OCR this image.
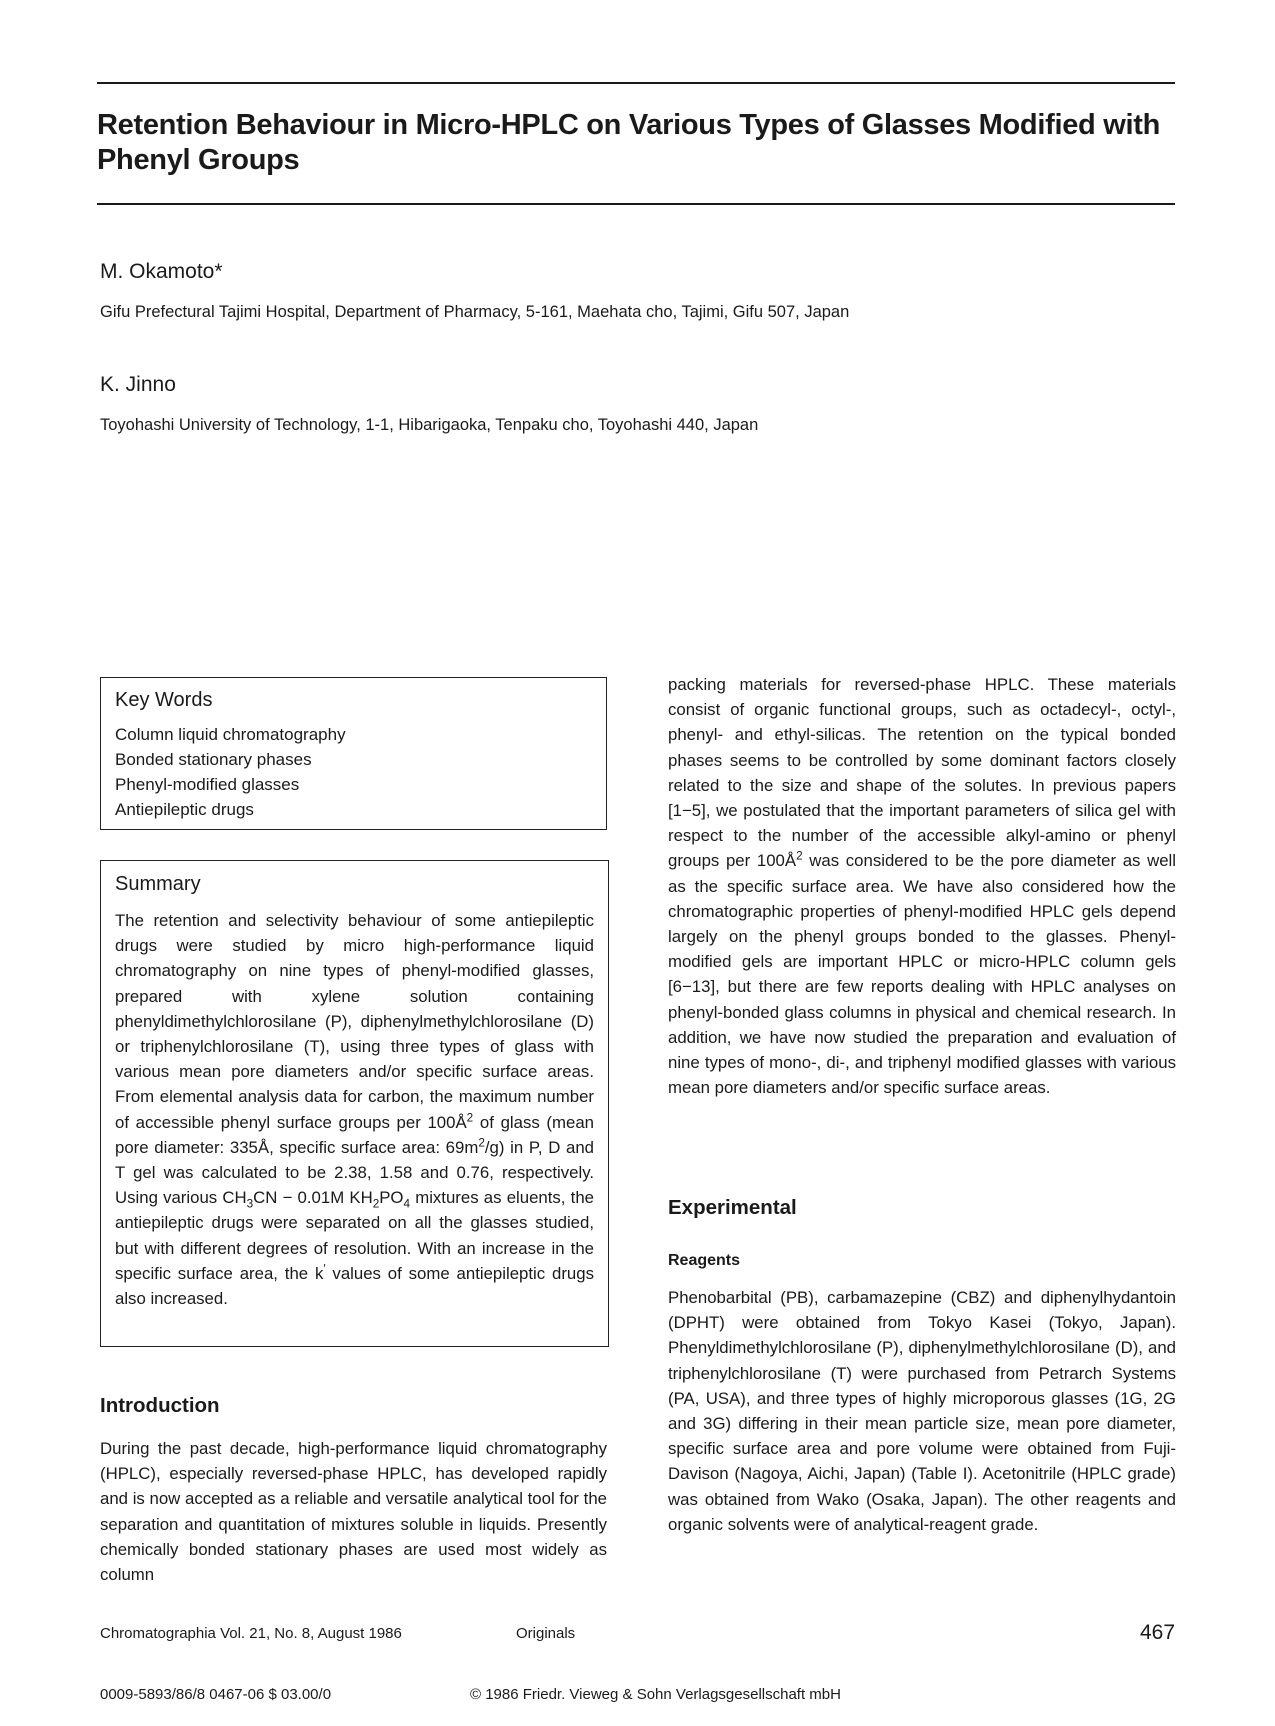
Retention Behaviour in Micro-HPLC on Various Types of Glasses Modified with Phenyl Groups
M. Okamoto*
Gifu Prefectural Tajimi Hospital, Department of Pharmacy, 5-161, Maehata cho, Tajimi, Gifu 507, Japan
K. Jinno
Toyohashi University of Technology, 1-1, Hibarigaoka, Tenpaku cho, Toyohashi 440, Japan
Key Words
Column liquid chromatography
Bonded stationary phases
Phenyl-modified glasses
Antiepileptic drugs
Summary

The retention and selectivity behaviour of some antiepileptic drugs were studied by micro high-performance liquid chromatography on nine types of phenyl-modified glasses, prepared with xylene solution containing phenyldimethylchlorosilane (P), diphenylmethylchlorosilane (D) or triphenylchlorosilane (T), using three types of glass with various mean pore diameters and/or specific surface areas. From elemental analysis data for carbon, the maximum number of accessible phenyl surface groups per $100Å^2$ of glass (mean pore diameter: 335Å, specific surface area: $69m^2/g$) in P, D and T gel was calculated to be 2.38, 1.58 and 0.76, respectively. Using various $CH_3CN - 0.01M$ $KH_2PO_4$ mixtures as eluents, the antiepileptic drugs were separated on all the glasses studied, but with different degrees of resolution. With an increase in the specific surface area, the k′ values of some antiepileptic drugs also increased.

Introduction

During the past decade, high-performance liquid chromatography (HPLC), especially reversed-phase HPLC, has developed rapidly and is now accepted as a reliable and versatile analytical tool for the separation and quantitation of mixtures soluble in liquids. Presently chemically bonded stationary phases are used most widely as column

packing materials for reversed-phase HPLC. These materials consist of organic functional groups, such as octadecyl-, octyl-, phenyl- and ethyl-silicas. The retention on the typical bonded phases seems to be controlled by some dominant factors closely related to the size and shape of the solutes. In previous papers [1−5], we postulated that the important parameters of silica gel with respect to the number of the accessible alkyl-amino or phenyl groups per $100Å^2$ was considered to be the pore diameter as well as the specific surface area. We have also considered how the chromatographic properties of phenyl-modified HPLC gels depend largely on the phenyl groups bonded to the glasses. Phenyl-modified gels are important HPLC or micro-HPLC column gels [6−13], but there are few reports dealing with HPLC analyses on phenyl-bonded glass columns in physical and chemical research. In addition, we have now studied the preparation and evaluation of nine types of mono-, di-, and triphenyl modified glasses with various mean pore diameters and/or specific surface areas.

Experimental
Reagents

Phenobarbital (PB), carbamazepine (CBZ) and diphenylhydantoin (DPHT) were obtained from Tokyo Kasei (Tokyo, Japan). Phenyldimethylchlorosilane (P), diphenylmethylchlorosilane (D), and triphenylchlorosilane (T) were purchased from Petrarch Systems (PA, USA), and three types of highly microporous glasses (1G, 2G and 3G) differing in their mean particle size, mean pore diameter, specific surface area and pore volume were obtained from Fuji-Davison (Nagoya, Aichi, Japan) (Table I). Acetonitrile (HPLC grade) was obtained from Wako (Osaka, Japan). The other reagents and organic solvents were of analytical-reagent grade.

Chromatographia Vol. 21, No. 8, August 1986	Originals	467
0009-5893/86/8 0467-06 $ 03.00/0	© 1986 Friedr. Vieweg & Sohn Verlagsgesellschaft mbH
